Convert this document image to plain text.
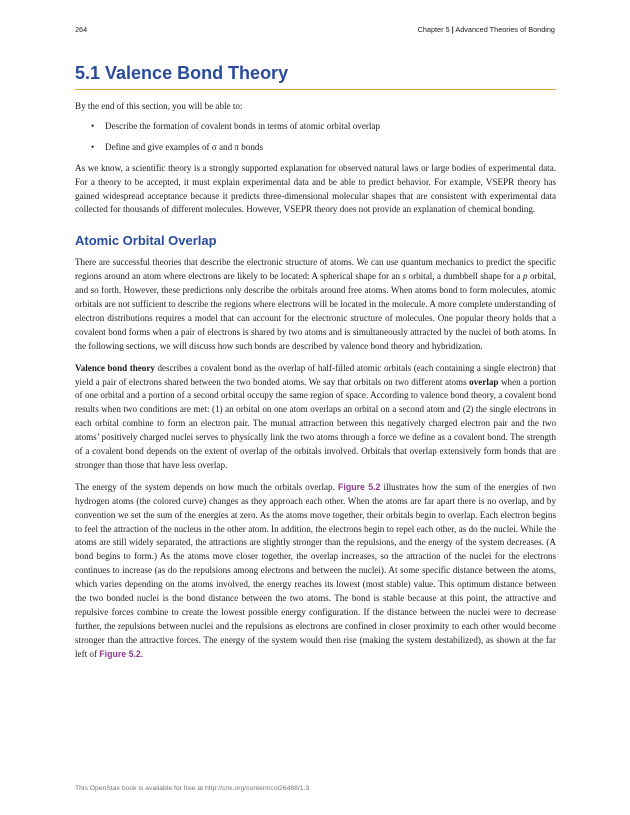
264	Chapter 5 | Advanced Theories of Bonding
5.1 Valence Bond Theory

By the end of this section, you will be able to:

• Describe the formation of covalent bonds in terms of atomic orbital overlap
• Define and give examples of σ and π bonds

As we know, a scientific theory is a strongly supported explanation for observed natural laws or large bodies of experimental data. For a theory to be accepted, it must explain experimental data and be able to predict behavior. For example, VSEPR theory has gained widespread acceptance because it predicts three-dimensional molecular shapes that are consistent with experimental data collected for thousands of different molecules. However, VSEPR theory does not provide an explanation of chemical bonding.

Atomic Orbital Overlap

There are successful theories that describe the electronic structure of atoms. We can use quantum mechanics to predict the specific regions around an atom where electrons are likely to be located: A spherical shape for an s orbital, a dumbbell shape for a p orbital, and so forth. However, these predictions only describe the orbitals around free atoms. When atoms bond to form molecules, atomic orbitals are not sufficient to describe the regions where electrons will be located in the molecule. A more complete understanding of electron distributions requires a model that can account for the electronic structure of molecules. One popular theory holds that a covalent bond forms when a pair of electrons is shared by two atoms and is simultaneously attracted by the nuclei of both atoms. In the following sections, we will discuss how such bonds are described by valence bond theory and hybridization.

Valence bond theory describes a covalent bond as the overlap of half-filled atomic orbitals (each containing a single electron) that yield a pair of electrons shared between the two bonded atoms. We say that orbitals on two different atoms overlap when a portion of one orbital and a portion of a second orbital occupy the same region of space. According to valence bond theory, a covalent bond results when two conditions are met: (1) an orbital on one atom overlaps an orbital on a second atom and (2) the single electrons in each orbital combine to form an electron pair. The mutual attraction between this negatively charged electron pair and the two atoms’ positively charged nuclei serves to physically link the two atoms through a force we define as a covalent bond. The strength of a covalent bond depends on the extent of overlap of the orbitals involved. Orbitals that overlap extensively form bonds that are stronger than those that have less overlap.

The energy of the system depends on how much the orbitals overlap. Figure 5.2 illustrates how the sum of the energies of two hydrogen atoms (the colored curve) changes as they approach each other. When the atoms are far apart there is no overlap, and by convention we set the sum of the energies at zero. As the atoms move together, their orbitals begin to overlap. Each electron begins to feel the attraction of the nucleus in the other atom. In addition, the electrons begin to repel each other, as do the nuclei. While the atoms are still widely separated, the attractions are slightly stronger than the repulsions, and the energy of the system decreases. (A bond begins to form.) As the atoms move closer together, the overlap increases, so the attraction of the nuclei for the electrons continues to increase (as do the repulsions among electrons and between the nuclei). At some specific distance between the atoms, which varies depending on the atoms involved, the energy reaches its lowest (most stable) value. This optimum distance between the two bonded nuclei is the bond distance between the two atoms. The bond is stable because at this point, the attractive and repulsive forces combine to create the lowest possible energy configuration. If the distance between the nuclei were to decrease further, the repulsions between nuclei and the repulsions as electrons are confined in closer proximity to each other would become stronger than the attractive forces. The energy of the system would then rise (making the system destabilized), as shown at the far left of Figure 5.2.

This OpenStax book is available for free at http://cnx.org/content/col26488/1.3
